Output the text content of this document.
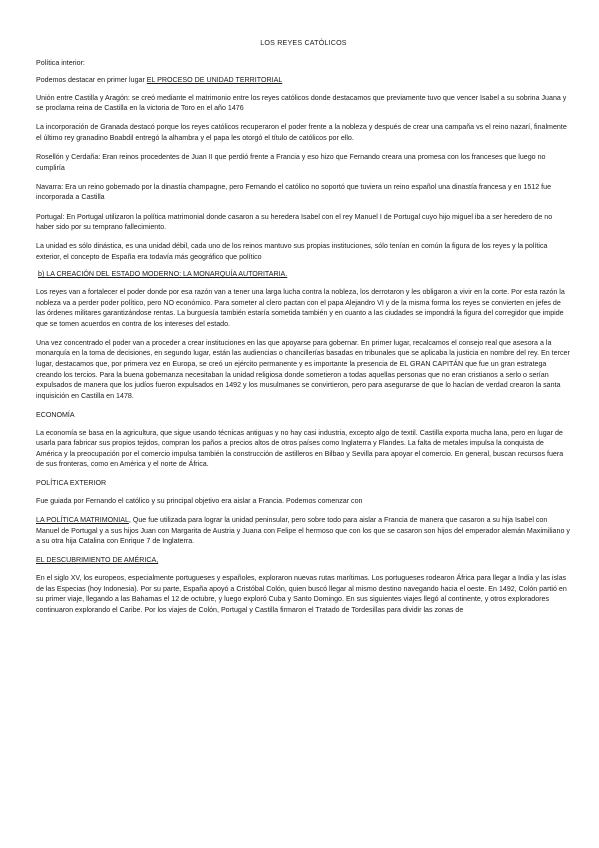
LOS REYES CATÓLICOS

Política interior:

Podemos destacar en primer lugar EL PROCESO DE UNIDAD TERRITORIAL

Unión entre Castilla y Aragón: se creó mediante el matrimonio entre los reyes católicos donde destacamos que previamente tuvo que vencer Isabel a su sobrina Juana y se proclama reina de Castilla en la victoria de Toro en el año 1476

La incorporación de Granada destacó porque los reyes católicos recuperaron el poder frente a la nobleza y después de crear una campaña vs el reino nazarí, finalmente el último rey granadino Boabdil entregó la alhambra y el papa les otorgó el título de católicos por ello.

Rosellón y Cerdaña: Eran reinos procedentes de Juan II que perdió frente a Francia y eso hizo que Fernando creara una promesa con los franceses que luego no cumpliría

Navarra: Era un reino gobernado por la dinastía champagne, pero Fernando el católico no soportó que tuviera un reino español una dinastía francesa y en 1512 fue incorporada a Castilla

Portugal: En Portugal utilizaron la política matrimonial donde casaron a su heredera Isabel con el rey Manuel I de Portugal cuyo hijo miguel iba a ser heredero de no haber sido por su temprano fallecimiento.

La unidad es sólo dinástica, es una unidad débil, cada uno de los reinos mantuvo sus propias instituciones, sólo tenían en común la figura de los reyes y la política exterior, el concepto de España era todavía más geográfico que político

b) LA CREACIÓN DEL ESTADO MODERNO: LA MONARQUÍA AUTORITARIA.

Los reyes van a fortalecer el poder donde por esa razón van a tener una larga lucha contra la nobleza, los derrotaron y les obligaron a vivir en la corte. Por esta razón la nobleza va a perder poder político, pero NO económico. Para someter al clero pactan con el papa Alejandro VI y de la misma forma los reyes se convierten en jefes de las órdenes militares garantizándose rentas. La burguesía también estaría sometida también y en cuanto a las ciudades se impondrá la figura del corregidor que impide que se tomen acuerdos en contra de los intereses del estado.

Una vez concentrado el poder van a proceder a crear instituciones en las que apoyarse para gobernar. En primer lugar, recalcamos el consejo real que asesora a la monarquía en la toma de decisiones, en segundo lugar, están las audiencias o chancillerías basadas en tribunales que se aplicaba la justicia en nombre del rey. En tercer lugar, destacamos que, por primera vez en Europa, se creó un ejército permanente y es importante la presencia de EL GRAN CAPITÁN que fue un gran estratega creando los tercios. Para la buena gobernanza necesitaban la unidad religiosa donde sometieron a todas aquellas personas que no eran cristianos a serlo o serían expulsados de manera que los judíos fueron expulsados en 1492 y los musulmanes se convirtieron, pero para asegurarse de que lo hacían de verdad crearon la santa inquisición en Castilla en 1478.

ECONOMÍA

La economía se basa en la agricultura, que sigue usando técnicas antiguas y no hay casi industria, excepto algo de textil. Castilla exporta mucha lana, pero en lugar de usarla para fabricar sus propios tejidos, compran los paños a precios altos de otros países como Inglaterra y Flandes. La falta de metales impulsa la conquista de América y la preocupación por el comercio impulsa también la construcción de astilleros en Bilbao y Sevilla para apoyar el comercio. En general, buscan recursos fuera de sus fronteras, como en América y el norte de África.

POLÍTICA EXTERIOR

Fue guiada por Fernando el católico y su principal objetivo era aislar a Francia. Podemos comenzar con

LA POLÍTICA MATRIMONIAL, Que fue utilizada para lograr la unidad peninsular, pero sobre todo para aislar a Francia de manera que casaron a su hija Isabel con Manuel de Portugal y a sus hijos Juan con Margarita de Austria y Juana con Felipe el hermoso que con los que se casaron son hijos del emperador alemán Maximiliano y a su otra hija Catalina con Enrique 7 de Inglaterra.

EL DESCUBRIMIENTO DE AMÉRICA,

En el siglo XV, los europeos, especialmente portugueses y españoles, exploraron nuevas rutas marítimas. Los portugueses rodearon África para llegar a India y las islas de las Especias (hoy Indonesia). Por su parte, España apoyó a Cristóbal Colón, quien buscó llegar al mismo destino navegando hacia el oeste. En 1492, Colón partió en su primer viaje, llegando a las Bahamas el 12 de octubre, y luego exploró Cuba y Santo Domingo. En sus siguientes viajes llegó al continente, y otros exploradores continuaron explorando el Caribe. Por los viajes de Colón, Portugal y Castilla firmaron el Tratado de Tordesillas para dividir las zonas de
